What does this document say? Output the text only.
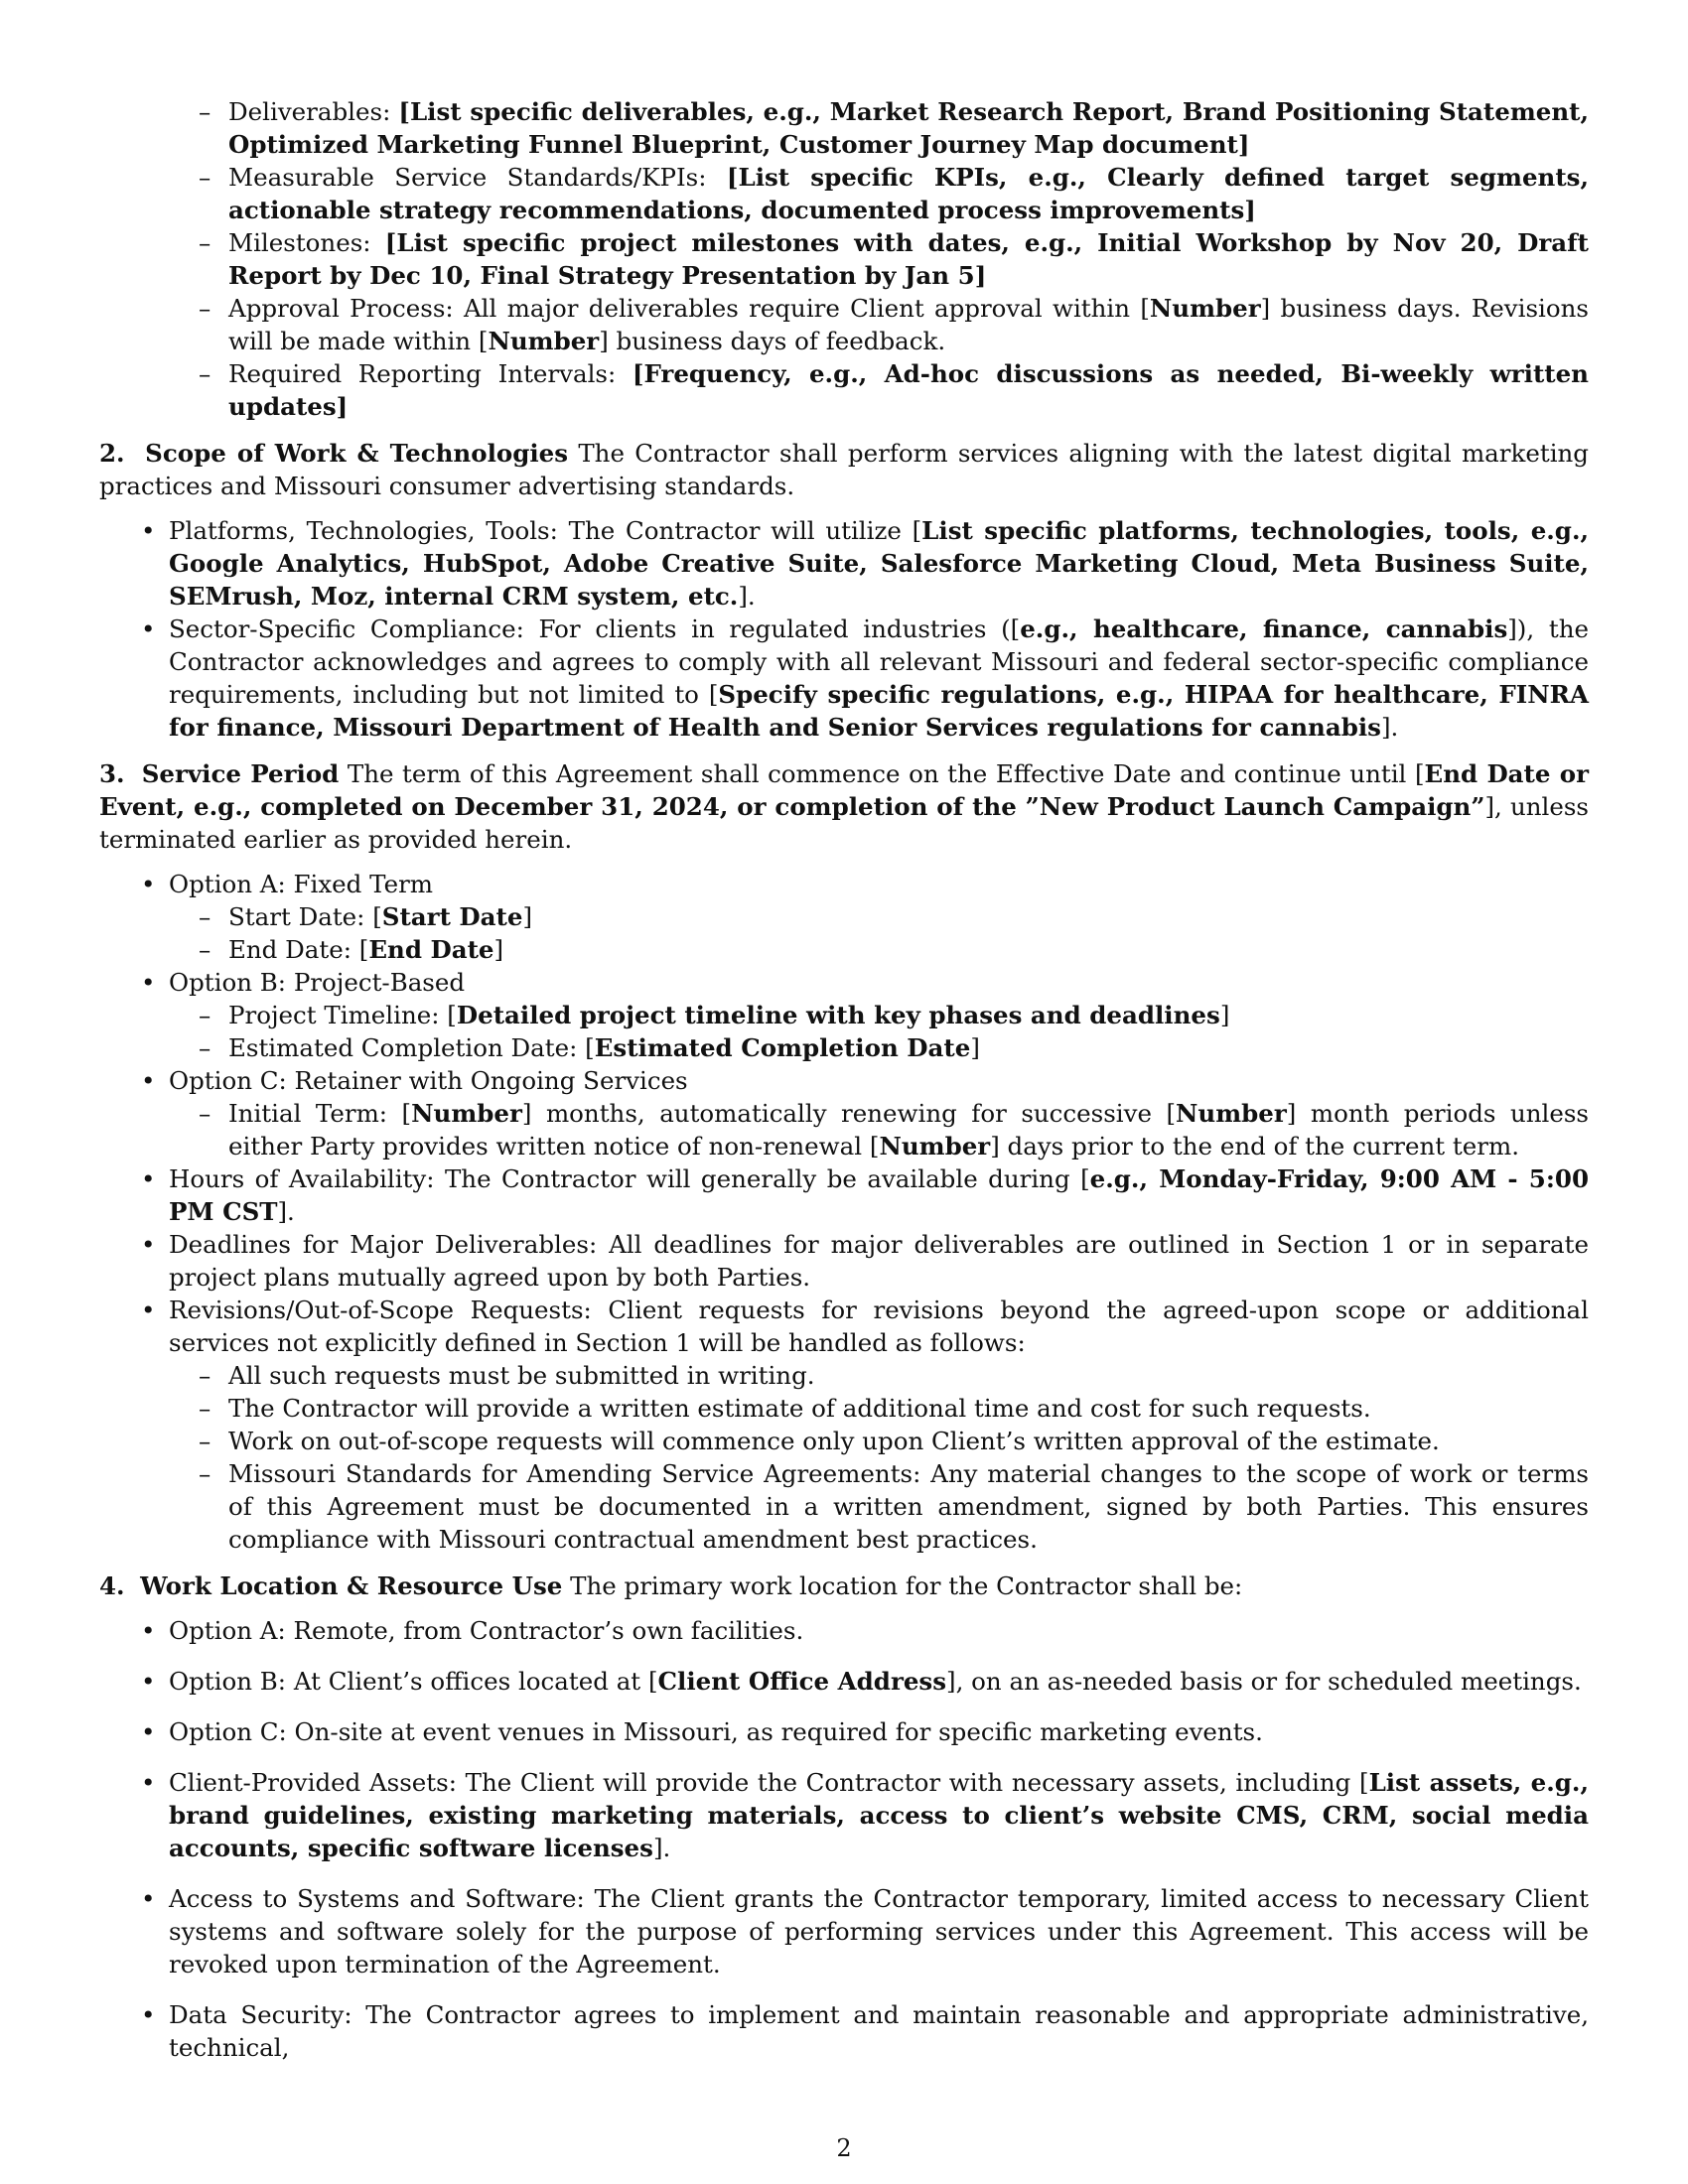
– Deliverables: [List specific deliverables, e.g., Market Research Report, Brand Positioning Statement, Optimized Marketing Funnel Blueprint, Customer Journey Map document]
– Measurable Service Standards/KPIs: [List specific KPIs, e.g., Clearly defined target segments, actionable strategy recommendations, documented process improvements]
– Milestones: [List specific project milestones with dates, e.g., Initial Workshop by Nov 20, Draft Report by Dec 10, Final Strategy Presentation by Jan 5]
– Approval Process: All major deliverables require Client approval within [Number] business days. Revisions will be made within [Number] business days of feedback.
– Required Reporting Intervals: [Frequency, e.g., Ad-hoc discussions as needed, Bi-weekly written updates]

2. Scope of Work & Technologies The Contractor shall perform services aligning with the latest digital marketing practices and Missouri consumer advertising standards.

• Platforms, Technologies, Tools: The Contractor will utilize [List specific platforms, technologies, tools, e.g., Google Analytics, HubSpot, Adobe Creative Suite, Salesforce Marketing Cloud, Meta Business Suite, SEMrush, Moz, internal CRM system, etc.].
• Sector-Specific Compliance: For clients in regulated industries ([e.g., healthcare, finance, cannabis]), the Contractor acknowledges and agrees to comply with all relevant Missouri and federal sector-specific compliance requirements, including but not limited to [Specify specific regulations, e.g., HIPAA for healthcare, FINRA for finance, Missouri Department of Health and Senior Services regulations for cannabis].

3. Service Period The term of this Agreement shall commence on the Effective Date and continue until [End Date or Event, e.g., completed on December 31, 2024, or completion of the ”New Product Launch Campaign”], unless terminated earlier as provided herein.

• Option A: Fixed Term
– Start Date: [Start Date]
– End Date: [End Date]
• Option B: Project-Based
– Project Timeline: [Detailed project timeline with key phases and deadlines]
– Estimated Completion Date: [Estimated Completion Date]
• Option C: Retainer with Ongoing Services
– Initial Term: [Number] months, automatically renewing for successive [Number] month periods unless either Party provides written notice of non-renewal [Number] days prior to the end of the current term.
• Hours of Availability: The Contractor will generally be available during [e.g., Monday-Friday, 9:00 AM - 5:00 PM CST].
• Deadlines for Major Deliverables: All deadlines for major deliverables are outlined in Section 1 or in separate project plans mutually agreed upon by both Parties.
• Revisions/Out-of-Scope Requests: Client requests for revisions beyond the agreed-upon scope or additional services not explicitly defined in Section 1 will be handled as follows:
– All such requests must be submitted in writing.
– The Contractor will provide a written estimate of additional time and cost for such requests.
– Work on out-of-scope requests will commence only upon Client’s written approval of the estimate.
– Missouri Standards for Amending Service Agreements: Any material changes to the scope of work or terms of this Agreement must be documented in a written amendment, signed by both Parties. This ensures compliance with Missouri contractual amendment best practices.

4. Work Location & Resource Use The primary work location for the Contractor shall be:

• Option A: Remote, from Contractor’s own facilities.
• Option B: At Client’s offices located at [Client Office Address], on an as-needed basis or for scheduled meetings.
• Option C: On-site at event venues in Missouri, as required for specific marketing events.
• Client-Provided Assets: The Client will provide the Contractor with necessary assets, including [List assets, e.g., brand guidelines, existing marketing materials, access to client’s website CMS, CRM, social media accounts, specific software licenses].
• Access to Systems and Software: The Client grants the Contractor temporary, limited access to necessary Client systems and software solely for the purpose of performing services under this Agreement. This access will be revoked upon termination of the Agreement.
• Data Security: The Contractor agrees to implement and maintain reasonable and appropriate administrative, technical,
2
